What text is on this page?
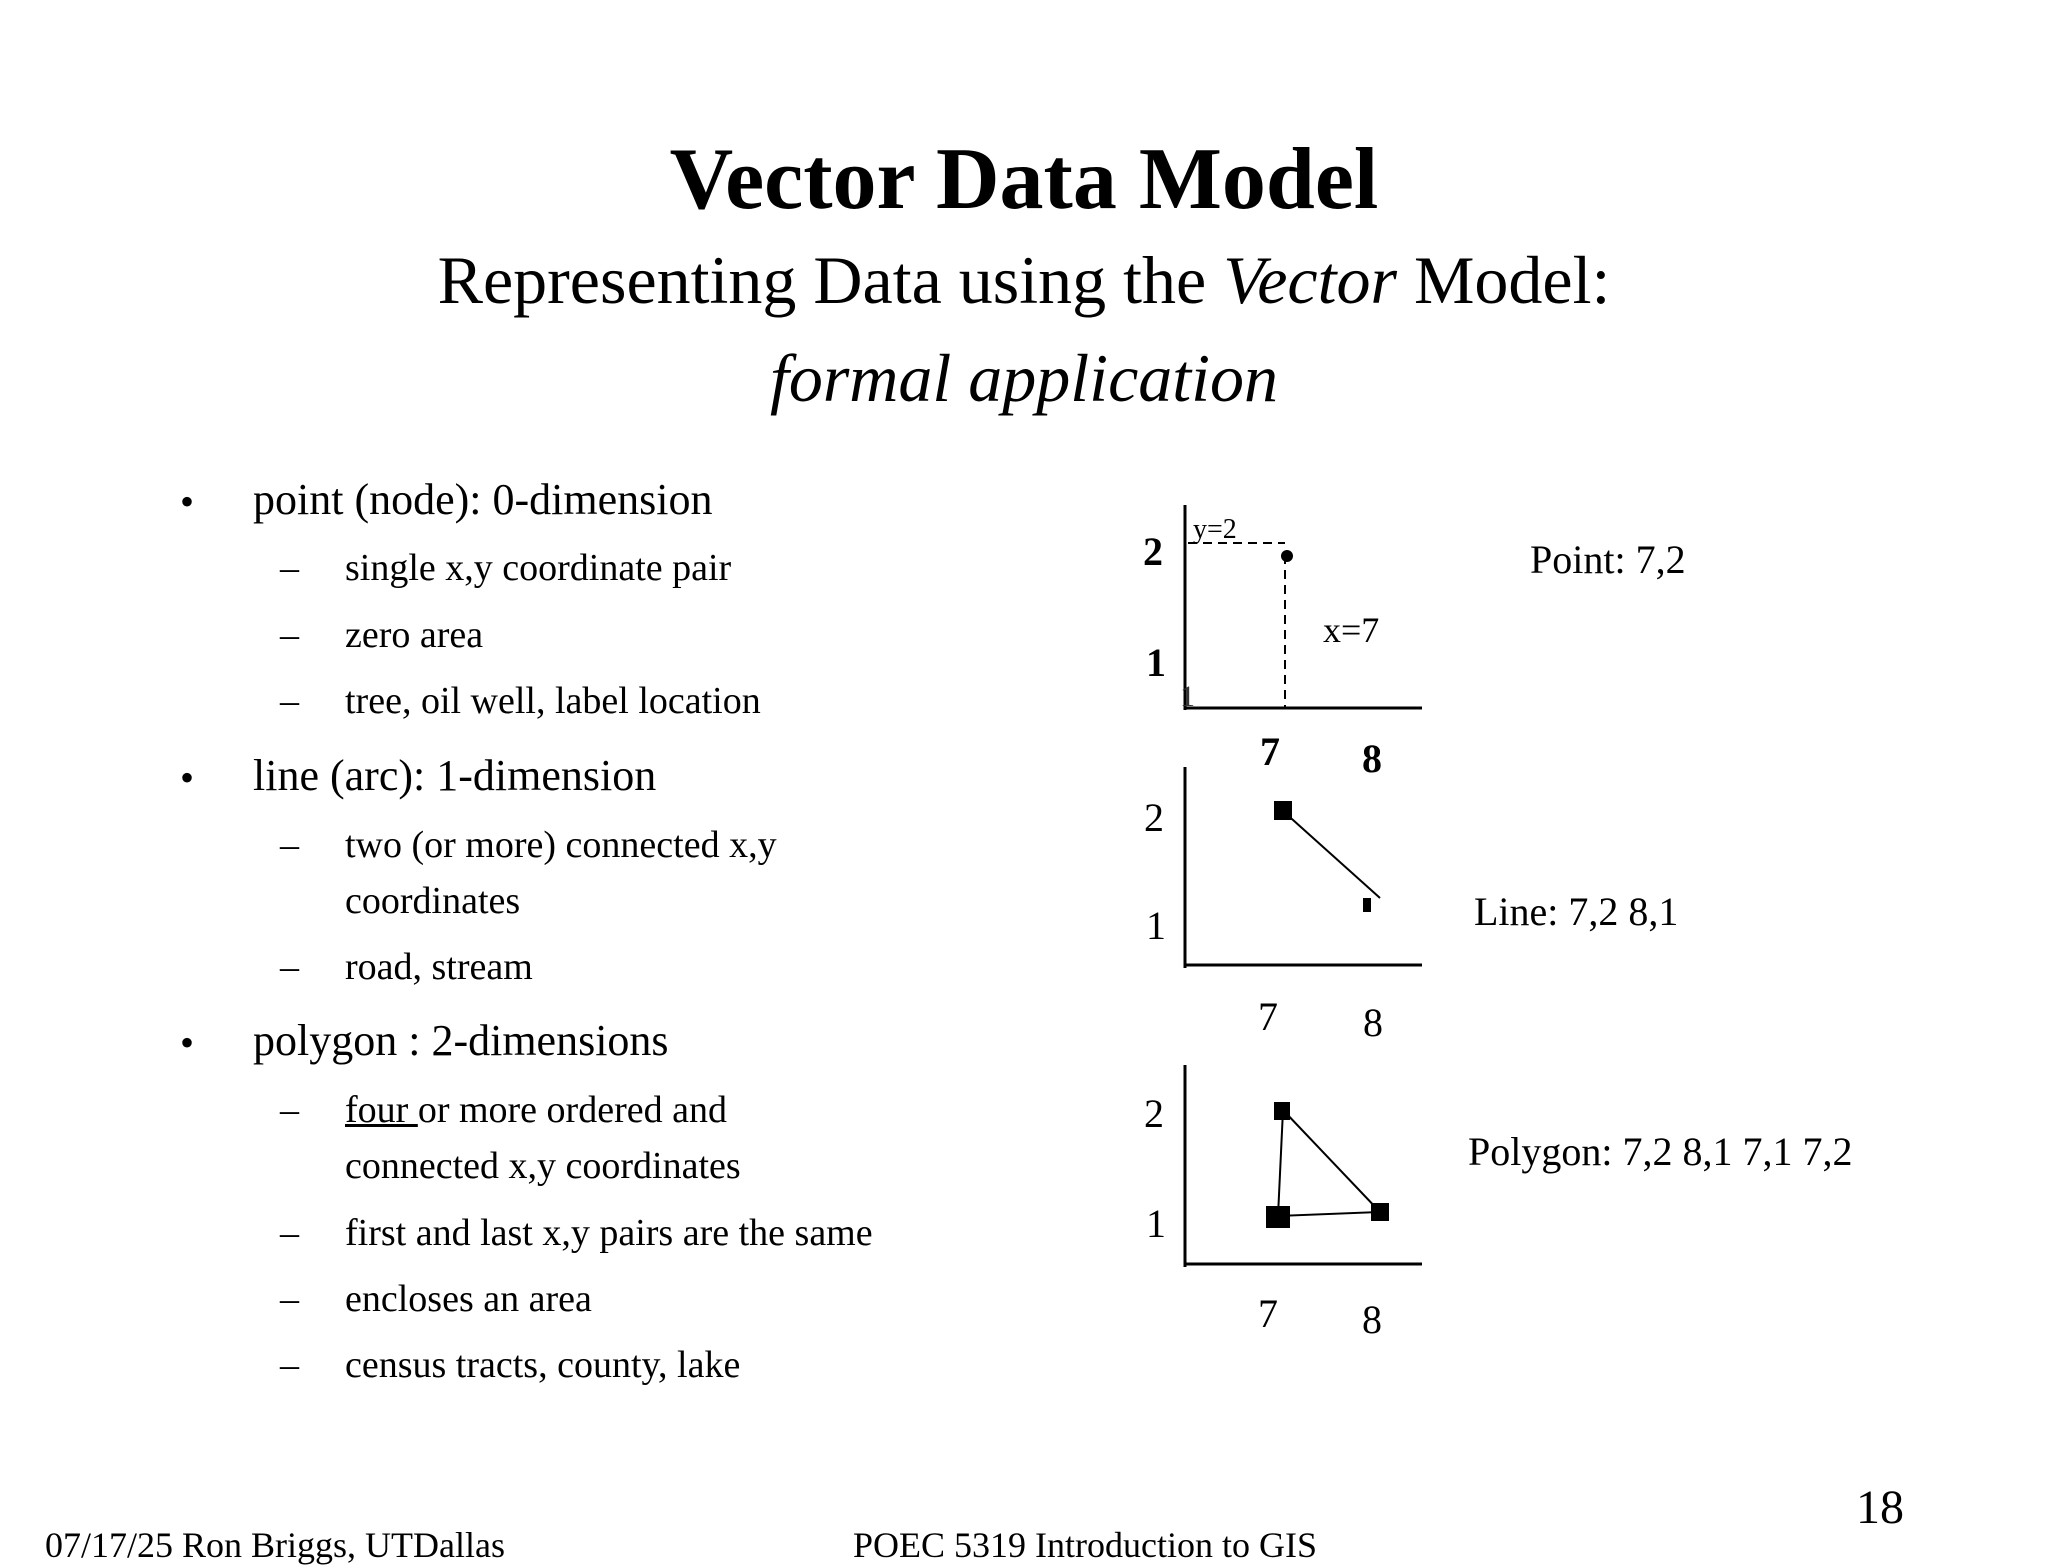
Vector Data Model
Representing Data using the Vector Model:
formal application
• point (node): 0-dimension
– single x,y coordinate pair
– zero area
– tree, oil well, label location
• line (arc): 1-dimension
– two (or more) connected x,y
coordinates
– road, stream
• polygon : 2-dimensions
– four or more ordered and
connected x,y coordinates
– first and last x,y pairs are the same
– encloses an area
– census tracts, county, lake
2
1
y=2
x=7
1
7 8
2
1
7 8
2
1
7 8
Point: 7,2
Line: 7,2 8,1
Polygon: 7,2 8,1 7,1 7,2
07/17/25 Ron Briggs, UTDallas	POEC 5319 Introduction to GIS
18
